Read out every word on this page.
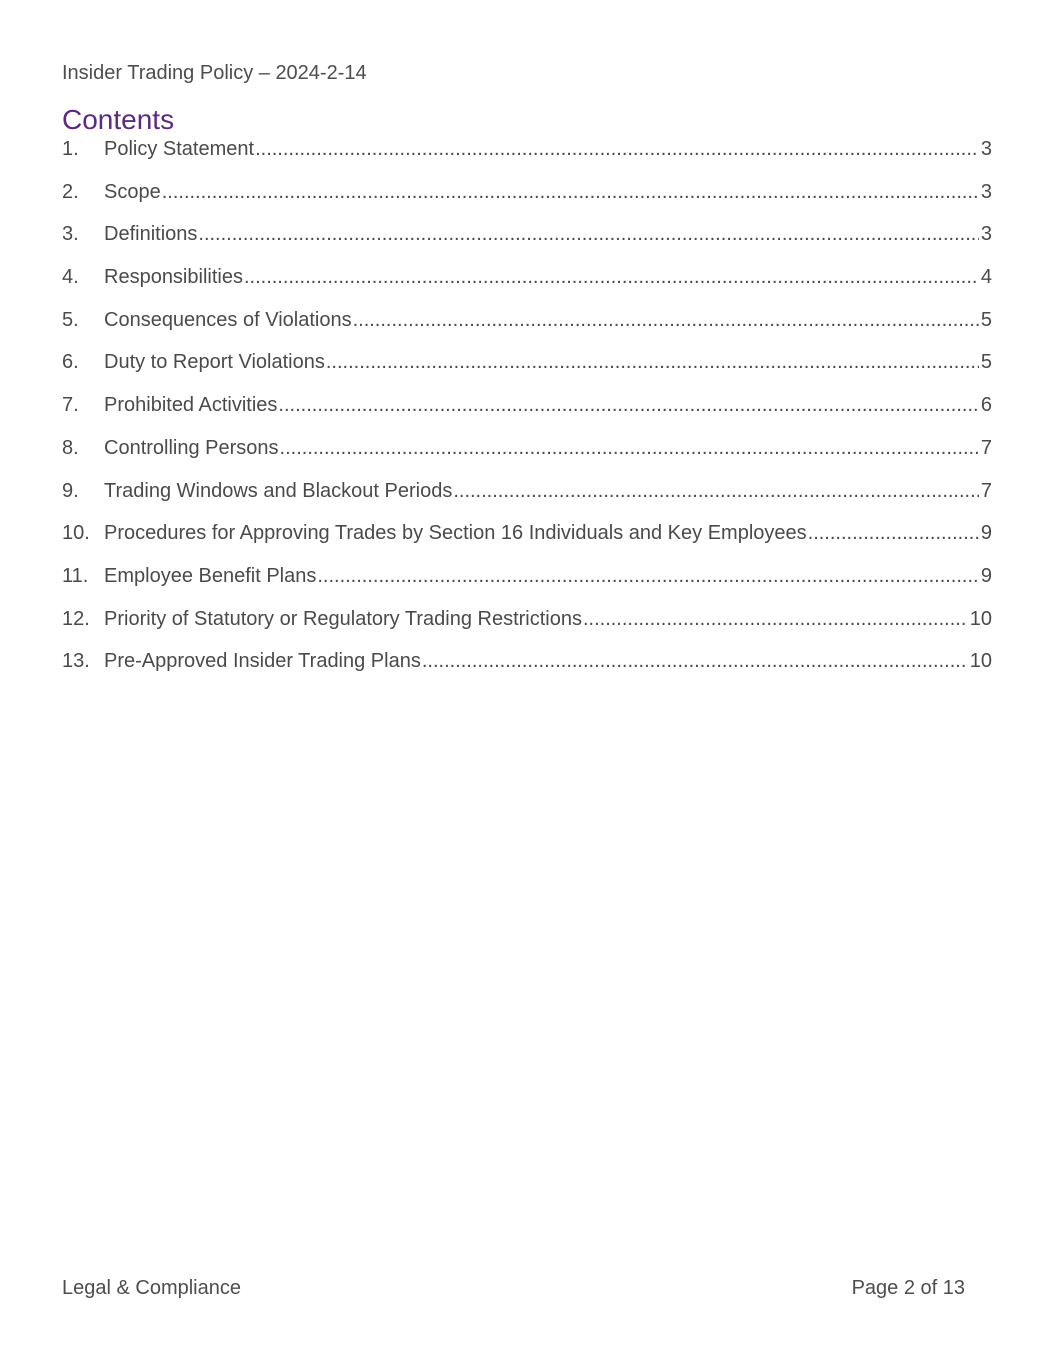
Insider Trading Policy – 2024-2-14
Contents
1.	Policy Statement .....	3
2.	Scope .....	3
3.	Definitions .....	3
4.	Responsibilities .....	4
5.	Consequences of Violations .....	5
6.	Duty to Report Violations .....	5
7.	Prohibited Activities .....	6
8.	Controlling Persons .....	7
9.	Trading Windows and Blackout Periods .....	7
10. Procedures for Approving Trades by Section 16 Individuals and Key Employees .....	9
11. Employee Benefit Plans .....	9
12. Priority of Statutory or Regulatory Trading Restrictions .....	10
13. Pre-Approved Insider Trading Plans .....	10
Legal & Compliance	Page 2 of 13
